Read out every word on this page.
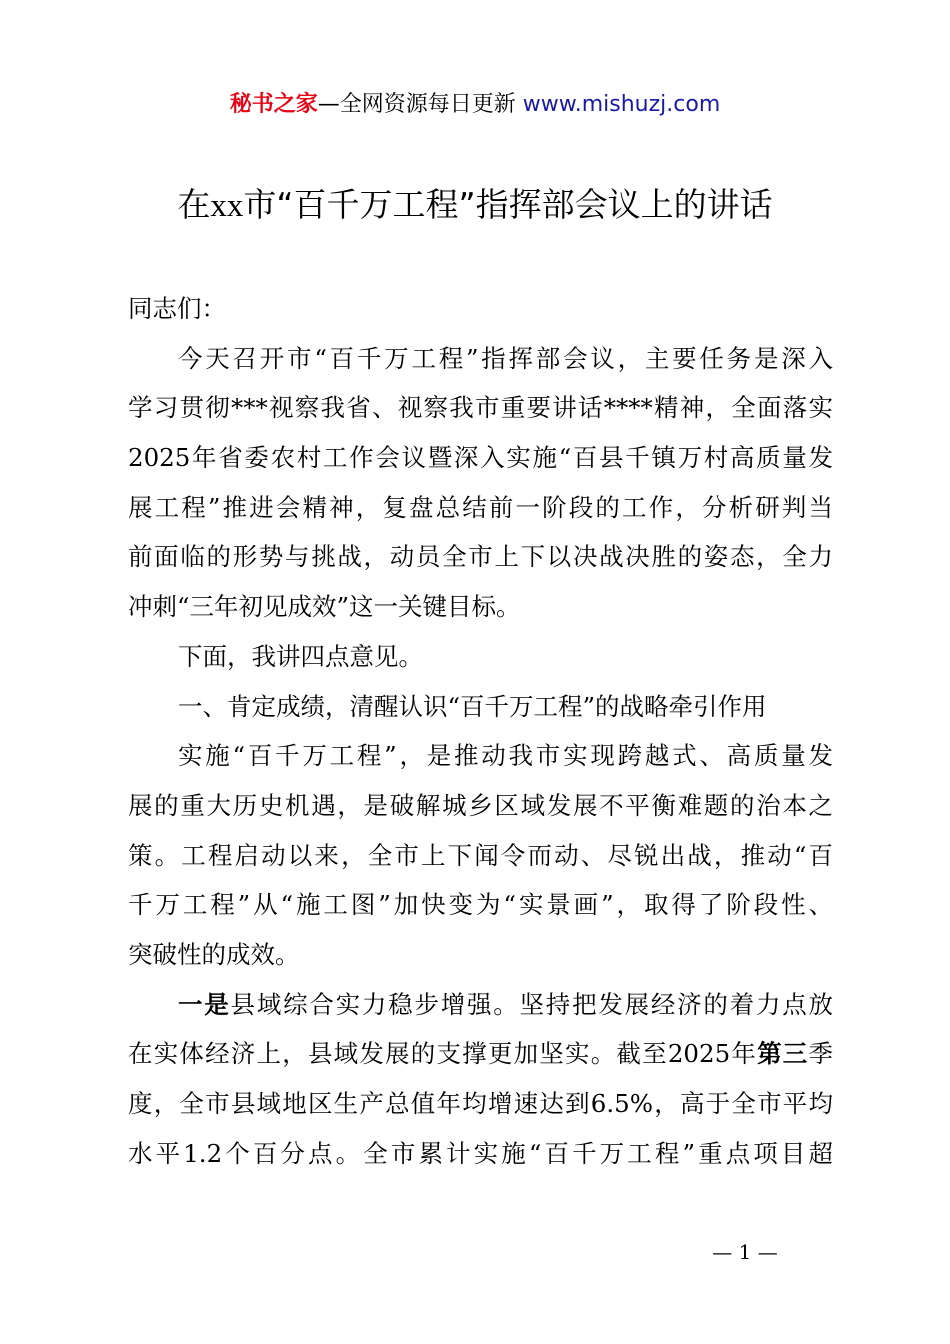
秘书之家—全网资源每日更新 www.mishuzj.com
在xx市“百千万工程”指挥部会议上的讲话
同志们：
今天召开市“百千万工程”指挥部会议，主要任务是深入
学习贯彻***视察我省、视察我市重要讲话****精神，全面落实
2025年省委农村工作会议暨深入实施“百县千镇万村高质量发
展工程”推进会精神，复盘总结前一阶段的工作，分析研判当
前面临的形势与挑战，动员全市上下以决战决胜的姿态，全力
冲刺“三年初见成效”这一关键目标。
下面，我讲四点意见。
一、肯定成绩，清醒认识“百千万工程”的战略牵引作用
实施“百千万工程”，是推动我市实现跨越式、高质量发
展的重大历史机遇，是破解城乡区域发展不平衡难题的治本之
策。工程启动以来，全市上下闻令而动、尽锐出战，推动“百
千万工程”从“施工图”加快变为“实景画”，取得了阶段性、
突破性的成效。
一是县域综合实力稳步增强。坚持把发展经济的着力点放
在实体经济上，县域发展的支撑更加坚实。截至2025年第三季
度，全市县域地区生产总值年均增速达到6.5%，高于全市平均
水平1.2个百分点。全市累计实施“百千万工程”重点项目超
— 1 —
